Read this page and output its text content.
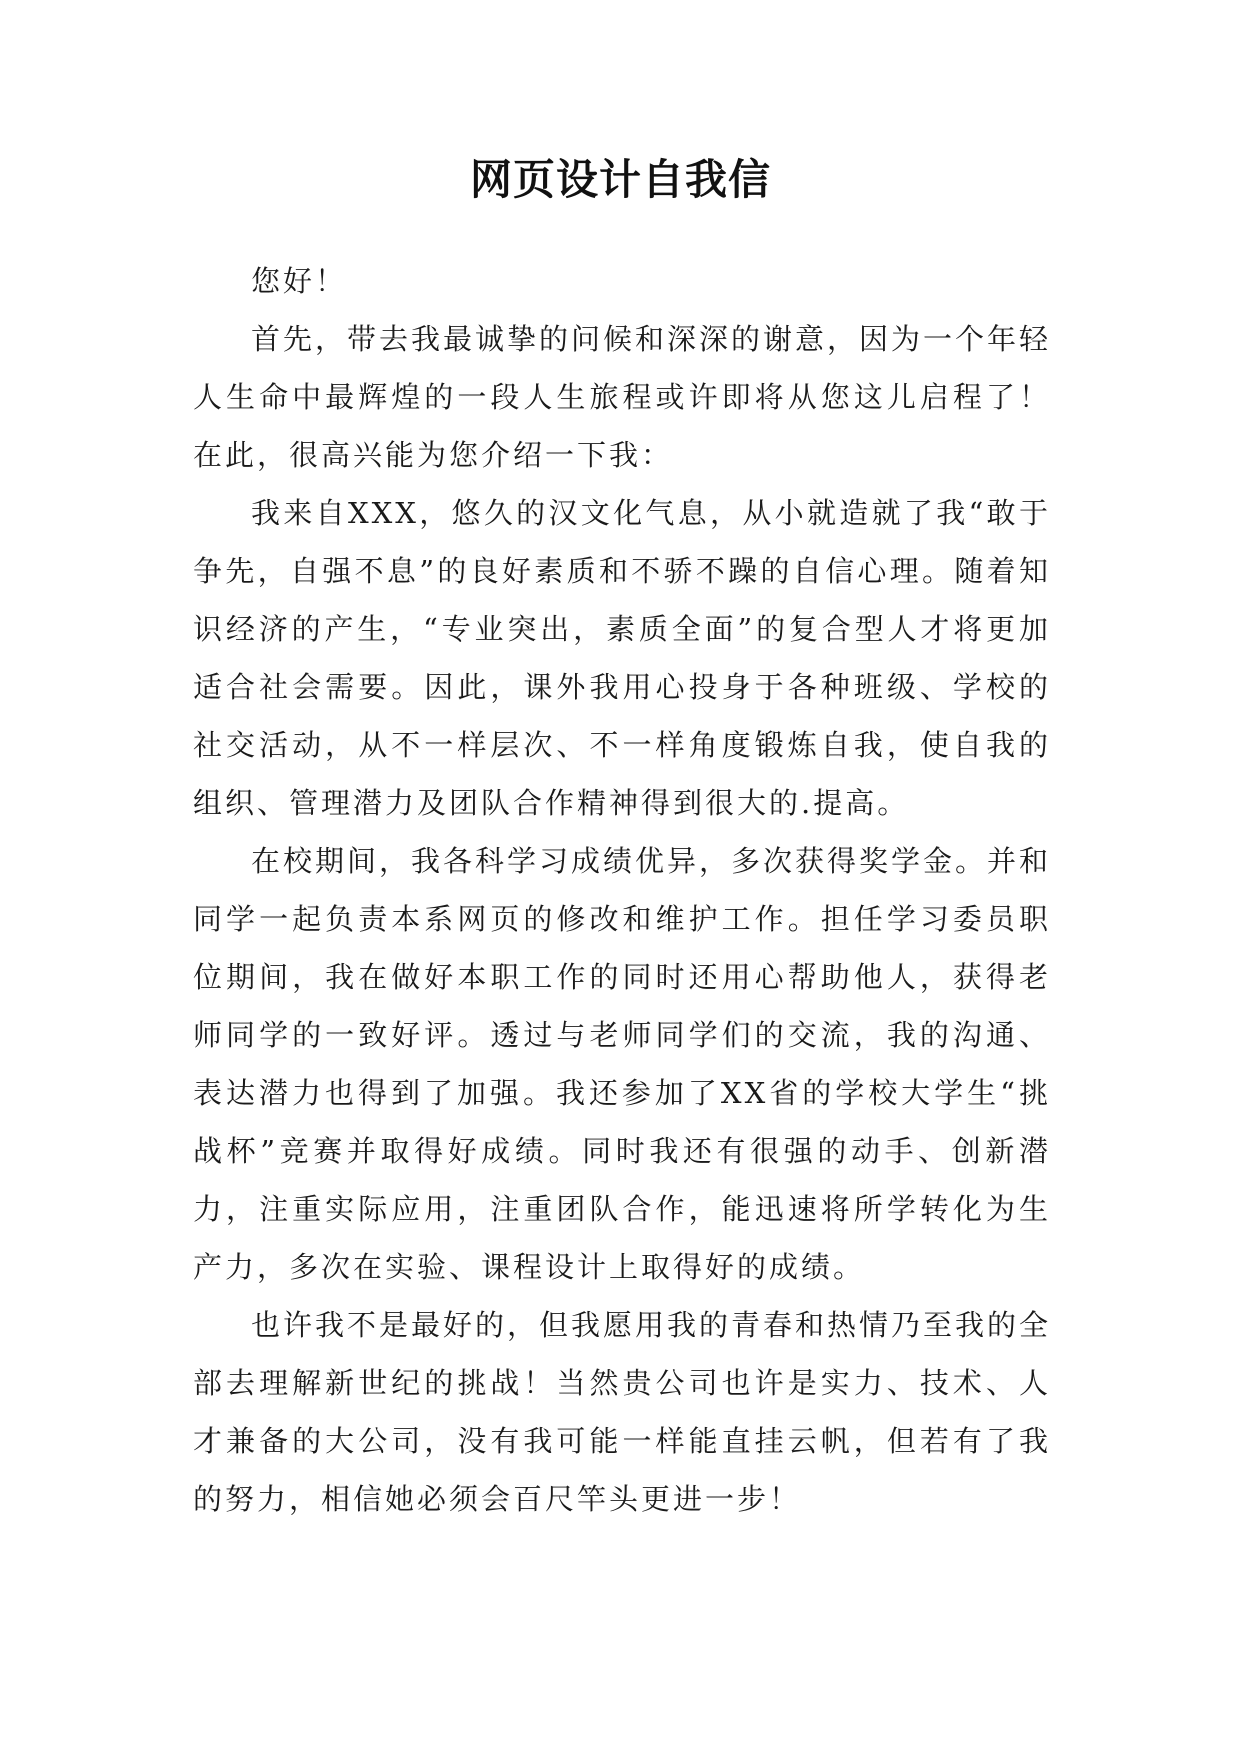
网页设计自我信

您好！

首先，带去我最诚挚的问候和深深的谢意，因为一个年轻人生命中最辉煌的一段人生旅程或许即将从您这儿启程了！在此，很高兴能为您介绍一下我：

我来自XXX，悠久的汉文化气息，从小就造就了我“敢于争先，自强不息”的良好素质和不骄不躁的自信心理。随着知识经济的产生，“专业突出，素质全面”的复合型人才将更加适合社会需要。因此，课外我用心投身于各种班级、学校的社交活动，从不一样层次、不一样角度锻炼自我，使自我的组织、管理潜力及团队合作精神得到很大的.提高。

在校期间，我各科学习成绩优异，多次获得奖学金。并和同学一起负责本系网页的修改和维护工作。担任学习委员职位期间，我在做好本职工作的同时还用心帮助他人，获得老师同学的一致好评。透过与老师同学们的交流，我的沟通、表达潜力也得到了加强。我还参加了XX省的学校大学生“挑战杯”竞赛并取得好成绩。同时我还有很强的动手、创新潜力，注重实际应用，注重团队合作，能迅速将所学转化为生产力，多次在实验、课程设计上取得好的成绩。

也许我不是最好的，但我愿用我的青春和热情乃至我的全部去理解新世纪的挑战！当然贵公司也许是实力、技术、人才兼备的大公司，没有我可能一样能直挂云帆，但若有了我的努力，相信她必须会百尺竿头更进一步！
